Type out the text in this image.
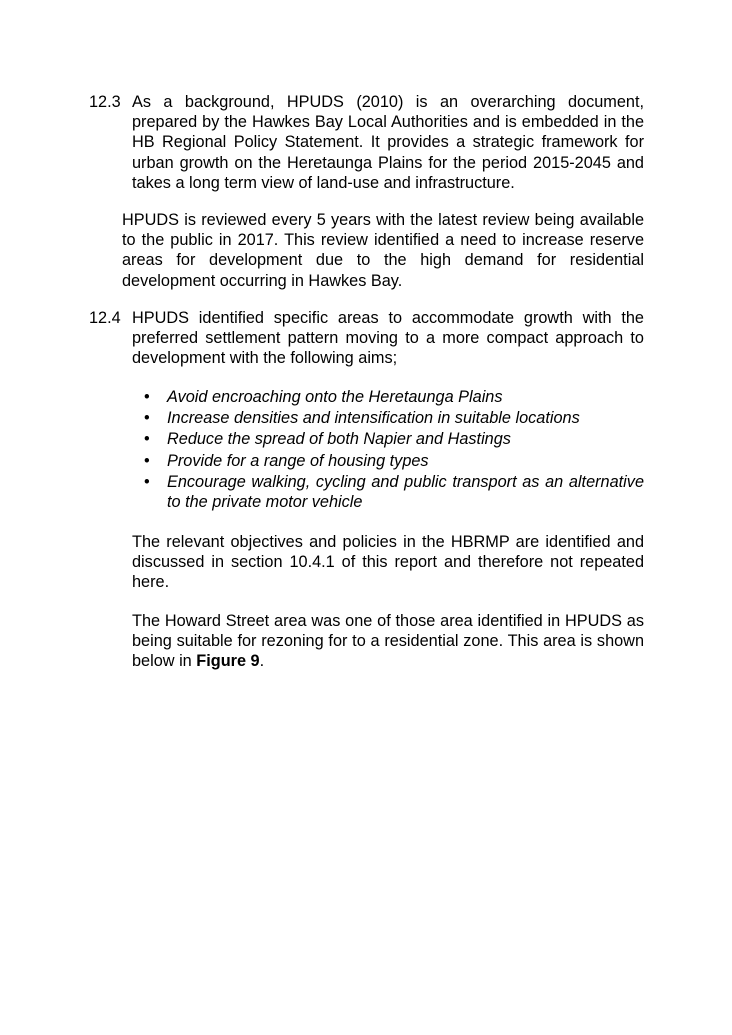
12.3 As a background, HPUDS (2010) is an overarching document, prepared by the Hawkes Bay Local Authorities and is embedded in the HB Regional Policy Statement. It provides a strategic framework for urban growth on the Heretaunga Plains for the period 2015-2045 and takes a long term view of land-use and infrastructure.

HPUDS is reviewed every 5 years with the latest review being available to the public in 2017. This review identified a need to increase reserve areas for development due to the high demand for residential development occurring in Hawkes Bay.

12.4 HPUDS identified specific areas to accommodate growth with the preferred settlement pattern moving to a more compact approach to development with the following aims;

• Avoid encroaching onto the Heretaunga Plains
• Increase densities and intensification in suitable locations
• Reduce the spread of both Napier and Hastings
• Provide for a range of housing types
• Encourage walking, cycling and public transport as an alternative to the private motor vehicle

The relevant objectives and policies in the HBRMP are identified and discussed in section 10.4.1 of this report and therefore not repeated here.

The Howard Street area was one of those area identified in HPUDS as being suitable for rezoning for to a residential zone. This area is shown below in Figure 9.
